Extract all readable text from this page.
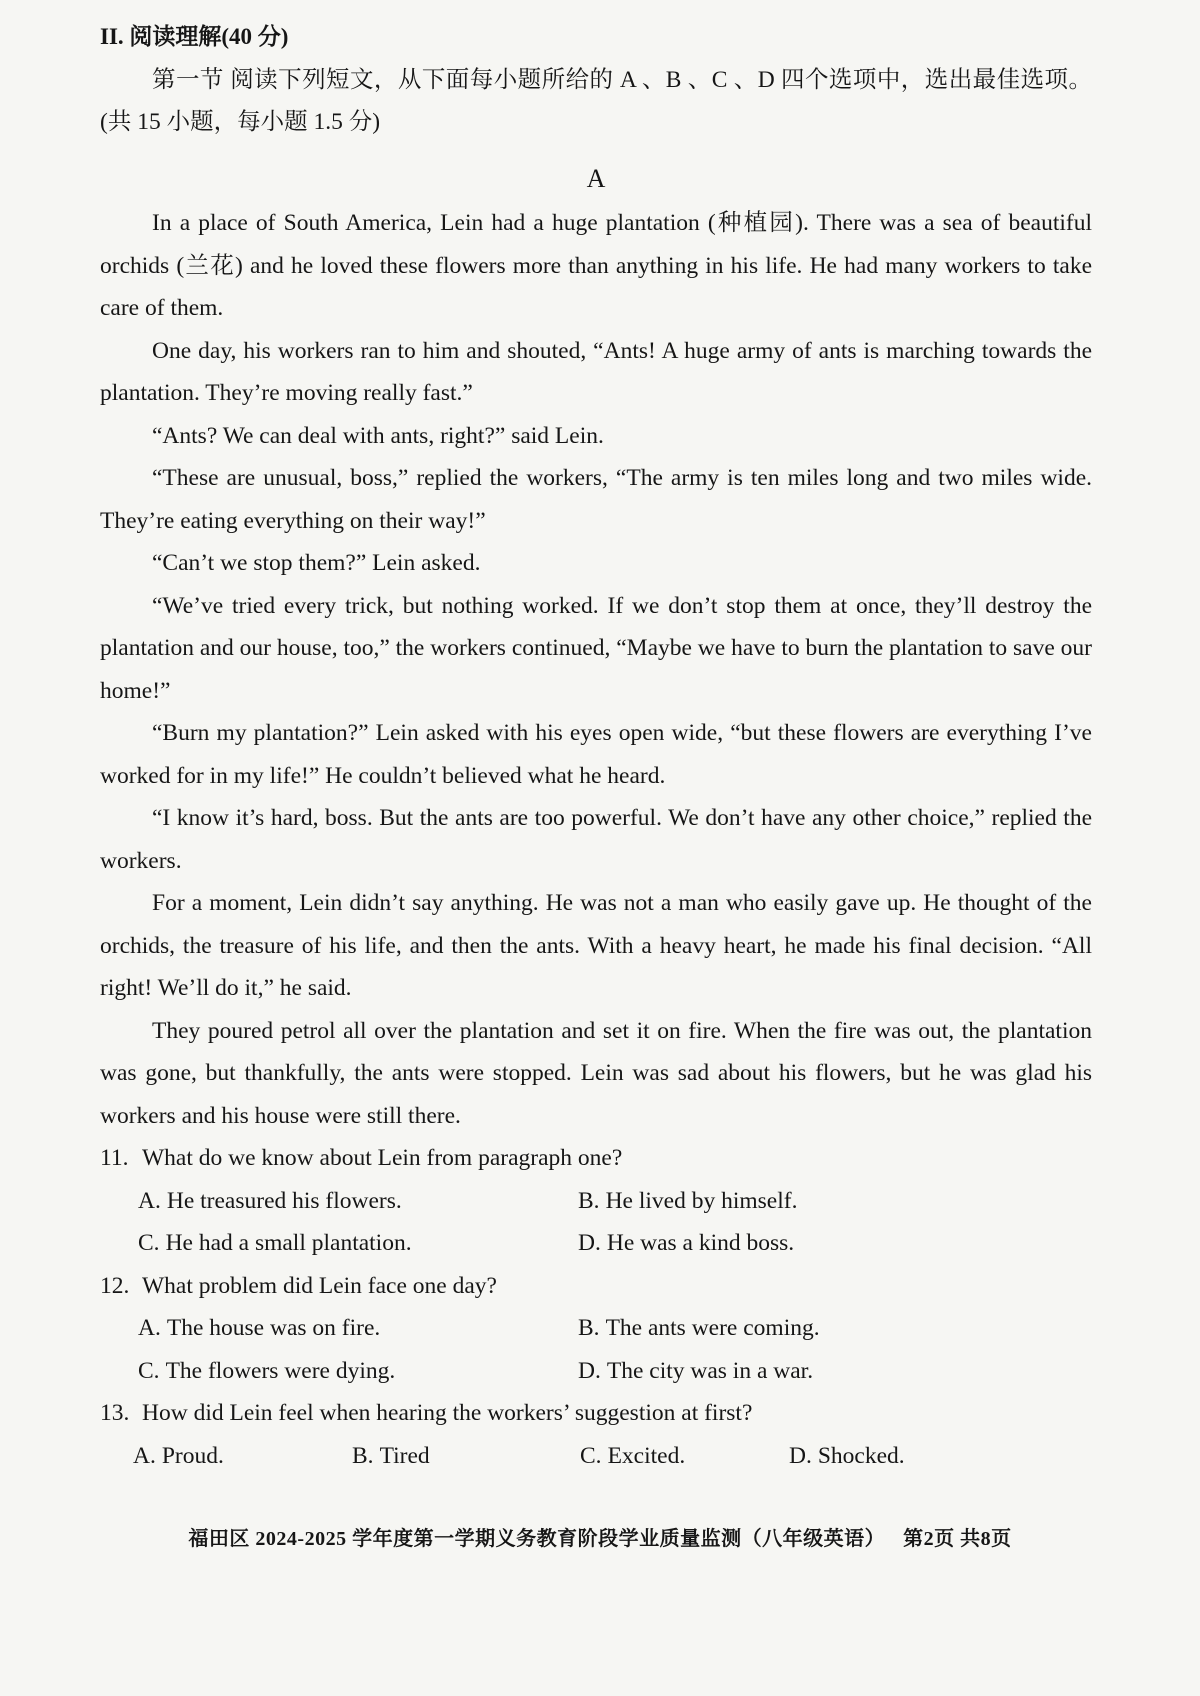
II. 阅读理解(40 分)

第一节 阅读下列短文，从下面每小题所给的 A 、B 、C 、D 四个选项中，选出最佳选项。(共 15 小题，每小题 1.5 分)

A

In a place of South America, Lein had a huge plantation (种植园). There was a sea of beautiful orchids (兰花) and he loved these flowers more than anything in his life. He had many workers to take care of them.

One day, his workers ran to him and shouted, “Ants! A huge army of ants is marching towards the plantation. They’re moving really fast.”

“Ants? We can deal with ants, right?” said Lein.

“These are unusual, boss,” replied the workers, “The army is ten miles long and two miles wide. They’re eating everything on their way!”

“Can’t we stop them?” Lein asked.

“We’ve tried every trick, but nothing worked. If we don’t stop them at once, they’ll destroy the plantation and our house, too,” the workers continued, “Maybe we have to burn the plantation to save our home!”

“Burn my plantation?” Lein asked with his eyes open wide, “but these flowers are everything I’ve worked for in my life!” He couldn’t believed what he heard.

“I know it’s hard, boss. But the ants are too powerful. We don’t have any other choice,” replied the workers.

For a moment, Lein didn’t say anything. He was not a man who easily gave up. He thought of the orchids, the treasure of his life, and then the ants. With a heavy heart, he made his final decision. “All right! We’ll do it,” he said.

They poured petrol all over the plantation and set it on fire. When the fire was out, the plantation was gone, but thankfully, the ants were stopped. Lein was sad about his flowers, but he was glad his workers and his house were still there.

11. What do we know about Lein from paragraph one?
A. He treasured his flowers.	B. He lived by himself.
C. He had a small plantation.	D. He was a kind boss.
12. What problem did Lein face one day?
A. The house was on fire.	B. The ants were coming.
C. The flowers were dying.	D. The city was in a war.
13. How did Lein feel when hearing the workers’ suggestion at first?
A. Proud.	B. Tired	C. Excited.	D. Shocked.
福田区 2024-2025 学年度第一学期义务教育阶段学业质量监测（八年级英语） 第2页 共8页
